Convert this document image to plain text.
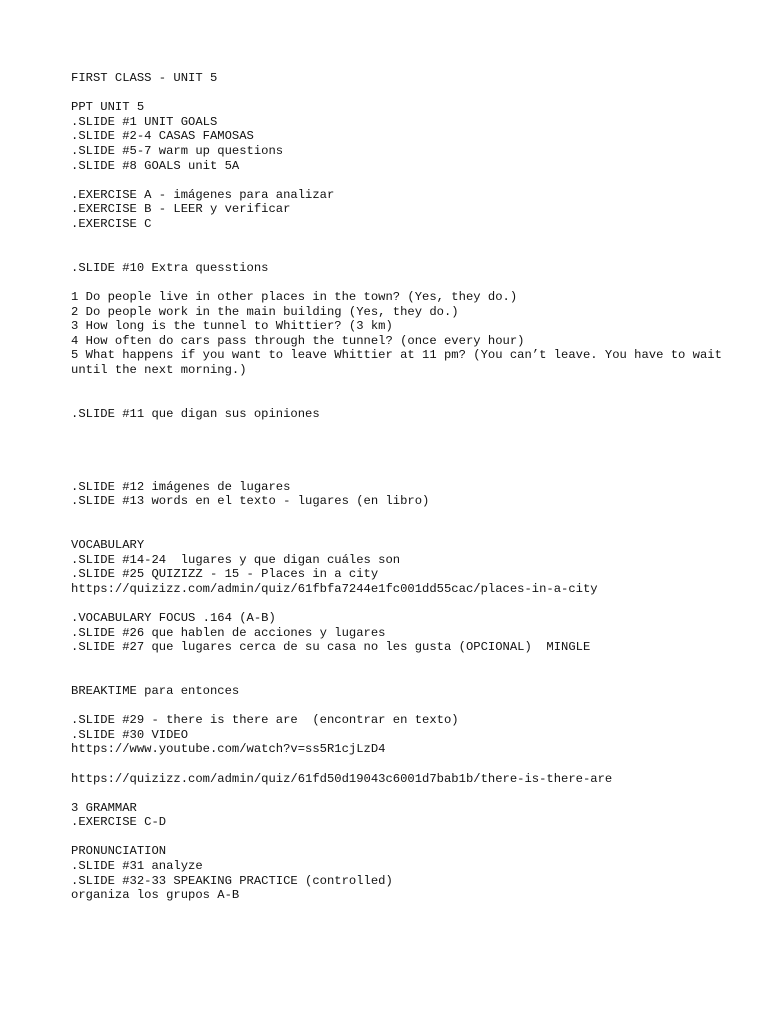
FIRST CLASS - UNIT 5
PPT UNIT 5
.SLIDE #1 UNIT GOALS
.SLIDE #2-4 CASAS FAMOSAS
.SLIDE #5-7 warm up questions
.SLIDE #8 GOALS unit 5A
.EXERCISE A - imágenes para analizar
.EXERCISE B - LEER y verificar
.EXERCISE C
.SLIDE #10 Extra quesstions
1 Do people live in other places in the town? (Yes, they do.)
2 Do people work in the main building (Yes, they do.)
3 How long is the tunnel to Whittier? (3 km)
4 How often do cars pass through the tunnel? (once every hour)
5 What happens if you want to leave Whittier at 11 pm? (You can’t leave. You have to wait until the next morning.)
.SLIDE #11 que digan sus opiniones
.SLIDE #12 imágenes de lugares
.SLIDE #13 words en el texto - lugares (en libro)
VOCABULARY
.SLIDE #14-24  lugares y que digan cuáles son
.SLIDE #25 QUIZIZZ - 15 - Places in a city
https://quizizz.com/admin/quiz/61fbfa7244e1fc001dd55cac/places-in-a-city
.VOCABULARY FOCUS .164 (A-B)
.SLIDE #26 que hablen de acciones y lugares
.SLIDE #27 que lugares cerca de su casa no les gusta (OPCIONAL)  MINGLE
BREAKTIME para entonces
.SLIDE #29 - there is there are  (encontrar en texto)
.SLIDE #30 VIDEO
https://www.youtube.com/watch?v=ss5R1cjLzD4
https://quizizz.com/admin/quiz/61fd50d19043c6001d7bab1b/there-is-there-are
3 GRAMMAR
.EXERCISE C-D
PRONUNCIATION
.SLIDE #31 analyze
.SLIDE #32-33 SPEAKING PRACTICE (controlled)
organiza los grupos A-B
